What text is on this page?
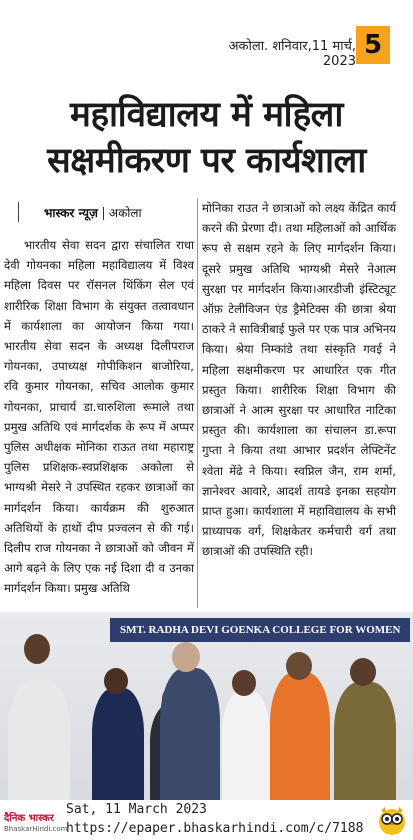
अकोला. शनिवार,11 मार्च, 2023
5
महाविद्यालय में महिला सक्षमीकरण पर कार्यशाला
भास्कर न्यूज़ अकोला

भारतीय सेवा सदन द्वारा संचालित राधा देवी गोयनका महिला महाविद्यालय में विश्व महिला दिवस पर रॉसनल थिंकिंग सेल एवं शारीरिक शिक्षा विभाग के संयुक्त तत्वावधान में कार्यशाला का आयोजन किया गया। भारतीय सेवा सदन के अध्यक्ष दिलीपराज गोयनका, उपाध्यक्ष गोपीकिशन बाजोरिया, रवि कुमार गोयनका, सचिव आलोक कुमार गोयनका, प्राचार्य डा.चारुशिला रूमाले तथा प्रमुख अतिथि एवं मार्गदर्शक के रूप में अप्पर पुलिस अधीक्षक मोनिका राऊत तथा महाराष्ट्र पुलिस प्रशिक्षक-स्वप्रशिक्षक अकोला से भाग्यश्री मेसरे ने उपस्थित रहकर छात्राओं का मार्गदर्शन किया। कार्यक्रम की शुरुआत अतिथियों के हाथों दीप प्रज्वलन से की गई। दिलीप राज गोयनका ने छात्राओं को जीवन में आगे बढ़ने के लिए एक नई दिशा दी व उनका मार्गदर्शन किया। प्रमुख अतिथि

मोनिका राउत ने छात्राओं को लक्ष्य केंद्रित कार्य करने की प्रेरणा दी। तथा महिलाओं को आर्थिक रूप से सक्षम रहने के लिए मार्गदर्शन किया। दूसरे प्रमुख अतिथि भाग्यश्री मेसरे नेआत्म सुरक्षा पर मार्गदर्शन किया।आरडीजी इंस्टिट्यूट ऑफ़ टेलीविजन एंड ड्रैमेटिक्स की छात्रा श्रेया ठाकरे ने सावित्रीबाई फुले पर एक पात्र अभिनय किया। श्रेया निम्कांडे तथा संस्कृति गवई ने महिला सक्षमीकरण पर आधारित एक गीत प्रस्तुत किया। शारीरिक शिक्षा विभाग की छात्राओं ने आत्म सुरक्षा पर आधारित नाटिका प्रस्तुत की। कार्यशाला का संचालन डा.रूपा गुप्ता ने किया तथा आभार प्रदर्शन लेफ्टिनेंट श्वेता मेंढे ने किया। स्वप्निल जैन, राम शर्मा, ज्ञानेश्वर आवारे, आदर्श तायडे इनका सहयोग प्राप्त हुआ। कार्यशाला में महाविद्यालय के सभी प्राध्यापक वर्ग, शिक्षकेतर कर्मचारी वर्ग तथा छात्राओं की उपस्थिति रही।

SMT. RADHA DEVI GOENKA COLLEGE FOR WOMEN
दैनिक भास्कर
BhaskarHindi.com
Sat, 11 March 2023
https://epaper.bhaskarhindi.com/c/7188
